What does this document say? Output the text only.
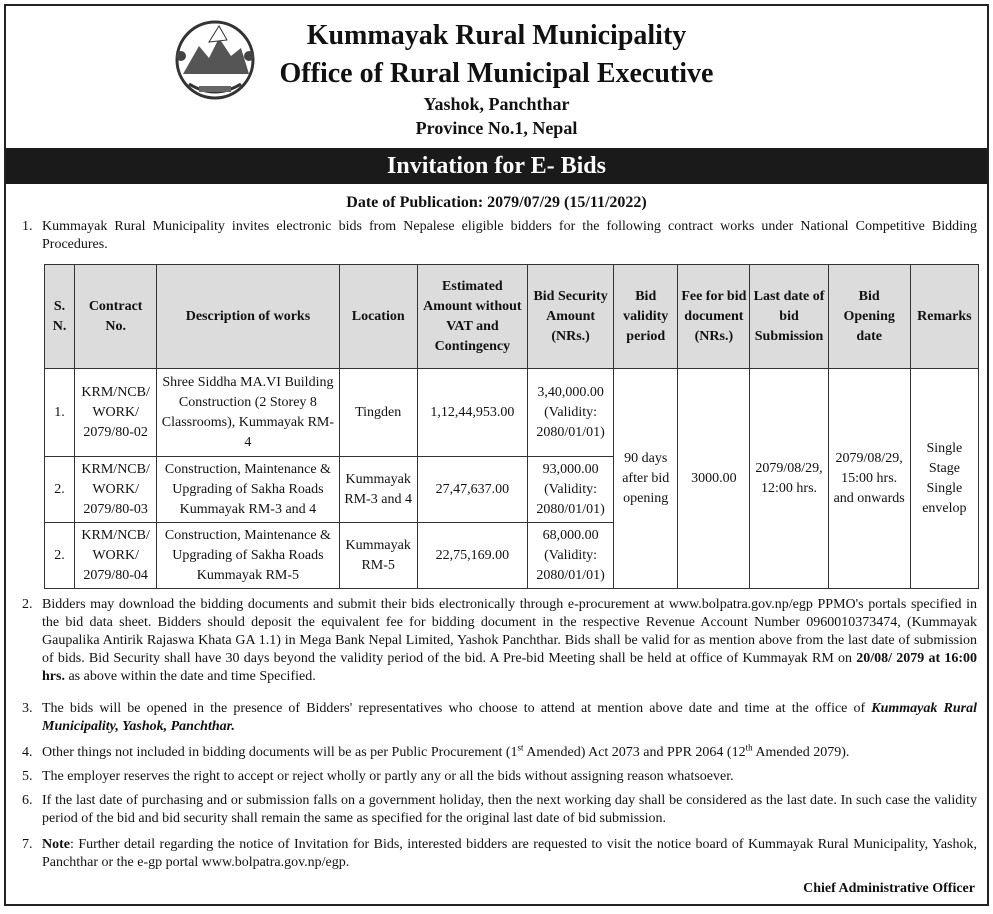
Kummayak Rural Municipality
Office of Rural Municipal Executive
Yashok, Panchthar
Province No.1, Nepal
Invitation for E- Bids
Date of Publication: 2079/07/29 (15/11/2022)
1. Kummayak Rural Municipality invites electronic bids from Nepalese eligible bidders for the following contract works under National Competitive Bidding Procedures.
S. N.	Contract No.	Description of works	Location	Estimated Amount without VAT and Contingency	Bid Security Amount (NRs.)	Bid validity period	Fee for bid document (NRs.)	Last date of bid Submission	Bid Opening date	Remarks
1.	KRM/NCB/ WORK/ 2079/80-02	Shree Siddha MA.VI Building Construction (2 Storey 8 Classrooms), Kummayak RM-4	Tingden	1,12,44,953.00	3,40,000.00 (Validity: 2080/01/01)	90 days after bid opening	3000.00	2079/08/29, 12:00 hrs.	2079/08/29, 15:00 hrs. and onwards	Single Stage Single envelop
2.	KRM/NCB/ WORK/ 2079/80-03	Construction, Maintenance & Upgrading of Sakha Roads Kummayak RM-3 and 4	Kummayak RM-3 and 4	27,47,637.00	93,000.00 (Validity: 2080/01/01)					
2.	KRM/NCB/ WORK/ 2079/80-04	Construction, Maintenance & Upgrading of Sakha Roads Kummayak RM-5	Kummayak RM-5	22,75,169.00	68,000.00 (Validity: 2080/01/01)					
2. Bidders may download the bidding documents and submit their bids electronically through e-procurement at www.bolpatra.gov.np/egp PPMO's portals specified in the bid data sheet. Bidders should deposit the equivalent fee for bidding document in the respective Revenue Account Number 0960010373474, (Kummayak Gaupalika Antirik Rajaswa Khata GA 1.1) in Mega Bank Nepal Limited, Yashok Panchthar. Bids shall be valid for as mention above from the last date of submission of bids. Bid Security shall have 30 days beyond the validity period of the bid. A Pre-bid Meeting shall be held at office of Kummayak RM on 20/08/ 2079 at 16:00 hrs. as above within the date and time Specified.
3. The bids will be opened in the presence of Bidders' representatives who choose to attend at mention above date and time at the office of Kummayak Rural Municipality, Yashok, Panchthar.
4. Other things not included in bidding documents will be as per Public Procurement (1st Amended) Act 2073 and PPR 2064 (12th Amended 2079).
5. The employer reserves the right to accept or reject wholly or partly any or all the bids without assigning reason whatsoever.
6. If the last date of purchasing and or submission falls on a government holiday, then the next working day shall be considered as the last date. In such case the validity period of the bid and bid security shall remain the same as specified for the original last date of bid submission.
7. Note: Further detail regarding the notice of Invitation for Bids, interested bidders are requested to visit the notice board of Kummayak Rural Municipality, Yashok, Panchthar or the e-gp portal www.bolpatra.gov.np/egp.
Chief Administrative Officer
